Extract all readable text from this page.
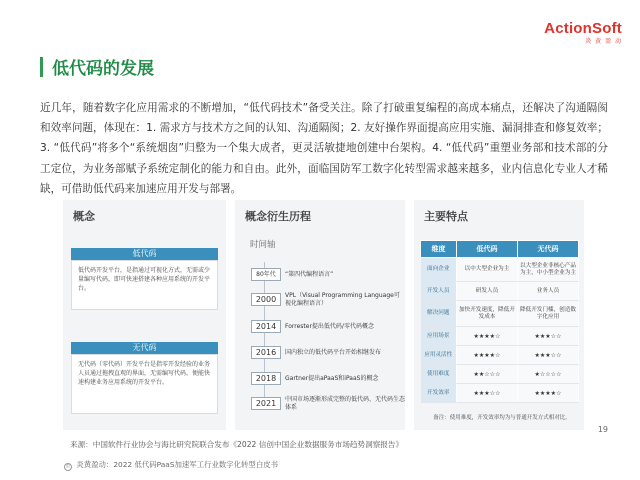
ActionSoft
炎 黄 盈 动
低代码的发展
近几年，随着数字化应用需求的不断增加，“低代码技术”备受关注。除了打破重复编程的高成本痛点，还解决了沟通隔阂和效率问题，体现在：1. 需求方与技术方之间的认知、沟通隔阂；2. 友好操作界面提高应用实施、漏洞排查和修复效率；3. “低代码”将多个“系统烟囱”归整为一个集大成者，更灵活敏捷地创建中台架构。4. “低代码”重塑业务部和技术部的分工定位，为业务部赋予系统定制化的能力和自由。此外，面临国防军工数字化转型需求越来越多，业内信息化专业人才稀缺，可借助低代码来加速应用开发与部署。
概念
低代码
低代码开发平台，是指通过可视化方式，无需或少量编写代码，即可快速搭建各种应用系统的开发平台。
无代码
无代码（零代码）开发平台是指零开发经验的业务人员通过拖拽直观的界面，无需编写代码，便能快速构建业务应用系统的开发平台。
概念衍生历程
时间轴
80年代	“第四代编程语言”
2000	VPL（Visual Programming Language可视化编程语言）
2014	Forrester提出低代码/零代码概念
2016	国内独立的低代码平台开始相继发布
2018	Gartner提出aPaaS和iPaaS的概念
2021	中国市场逐渐形成完整的低代码、无代码生态体系
主要特点
维度	低代码	无代码
面向企业	以中大型企业为主	以大型企业非核心产品为主，中小型企业为主
开发人员	研发人员	业务人员
解决问题	加快开发速度，降低开发成本	降低开发门槛，创造数字化应用
应用场景	★★★★☆	★★★☆☆
应用灵活性	★★★★☆	★★★☆☆
使用难度	★★☆☆☆	★☆☆☆☆
开发效率	★★★☆☆	★★★★☆
备注：使用难度，开发效率均为与普通开发方式相对比。
19
来源：中国软件行业协会与海比研究院联合发布《2022 信创中国企业数据服务市场趋势洞察报告》
© 炎黄盈动：2022 低代码PaaS加速军工行业数字化转型白皮书
